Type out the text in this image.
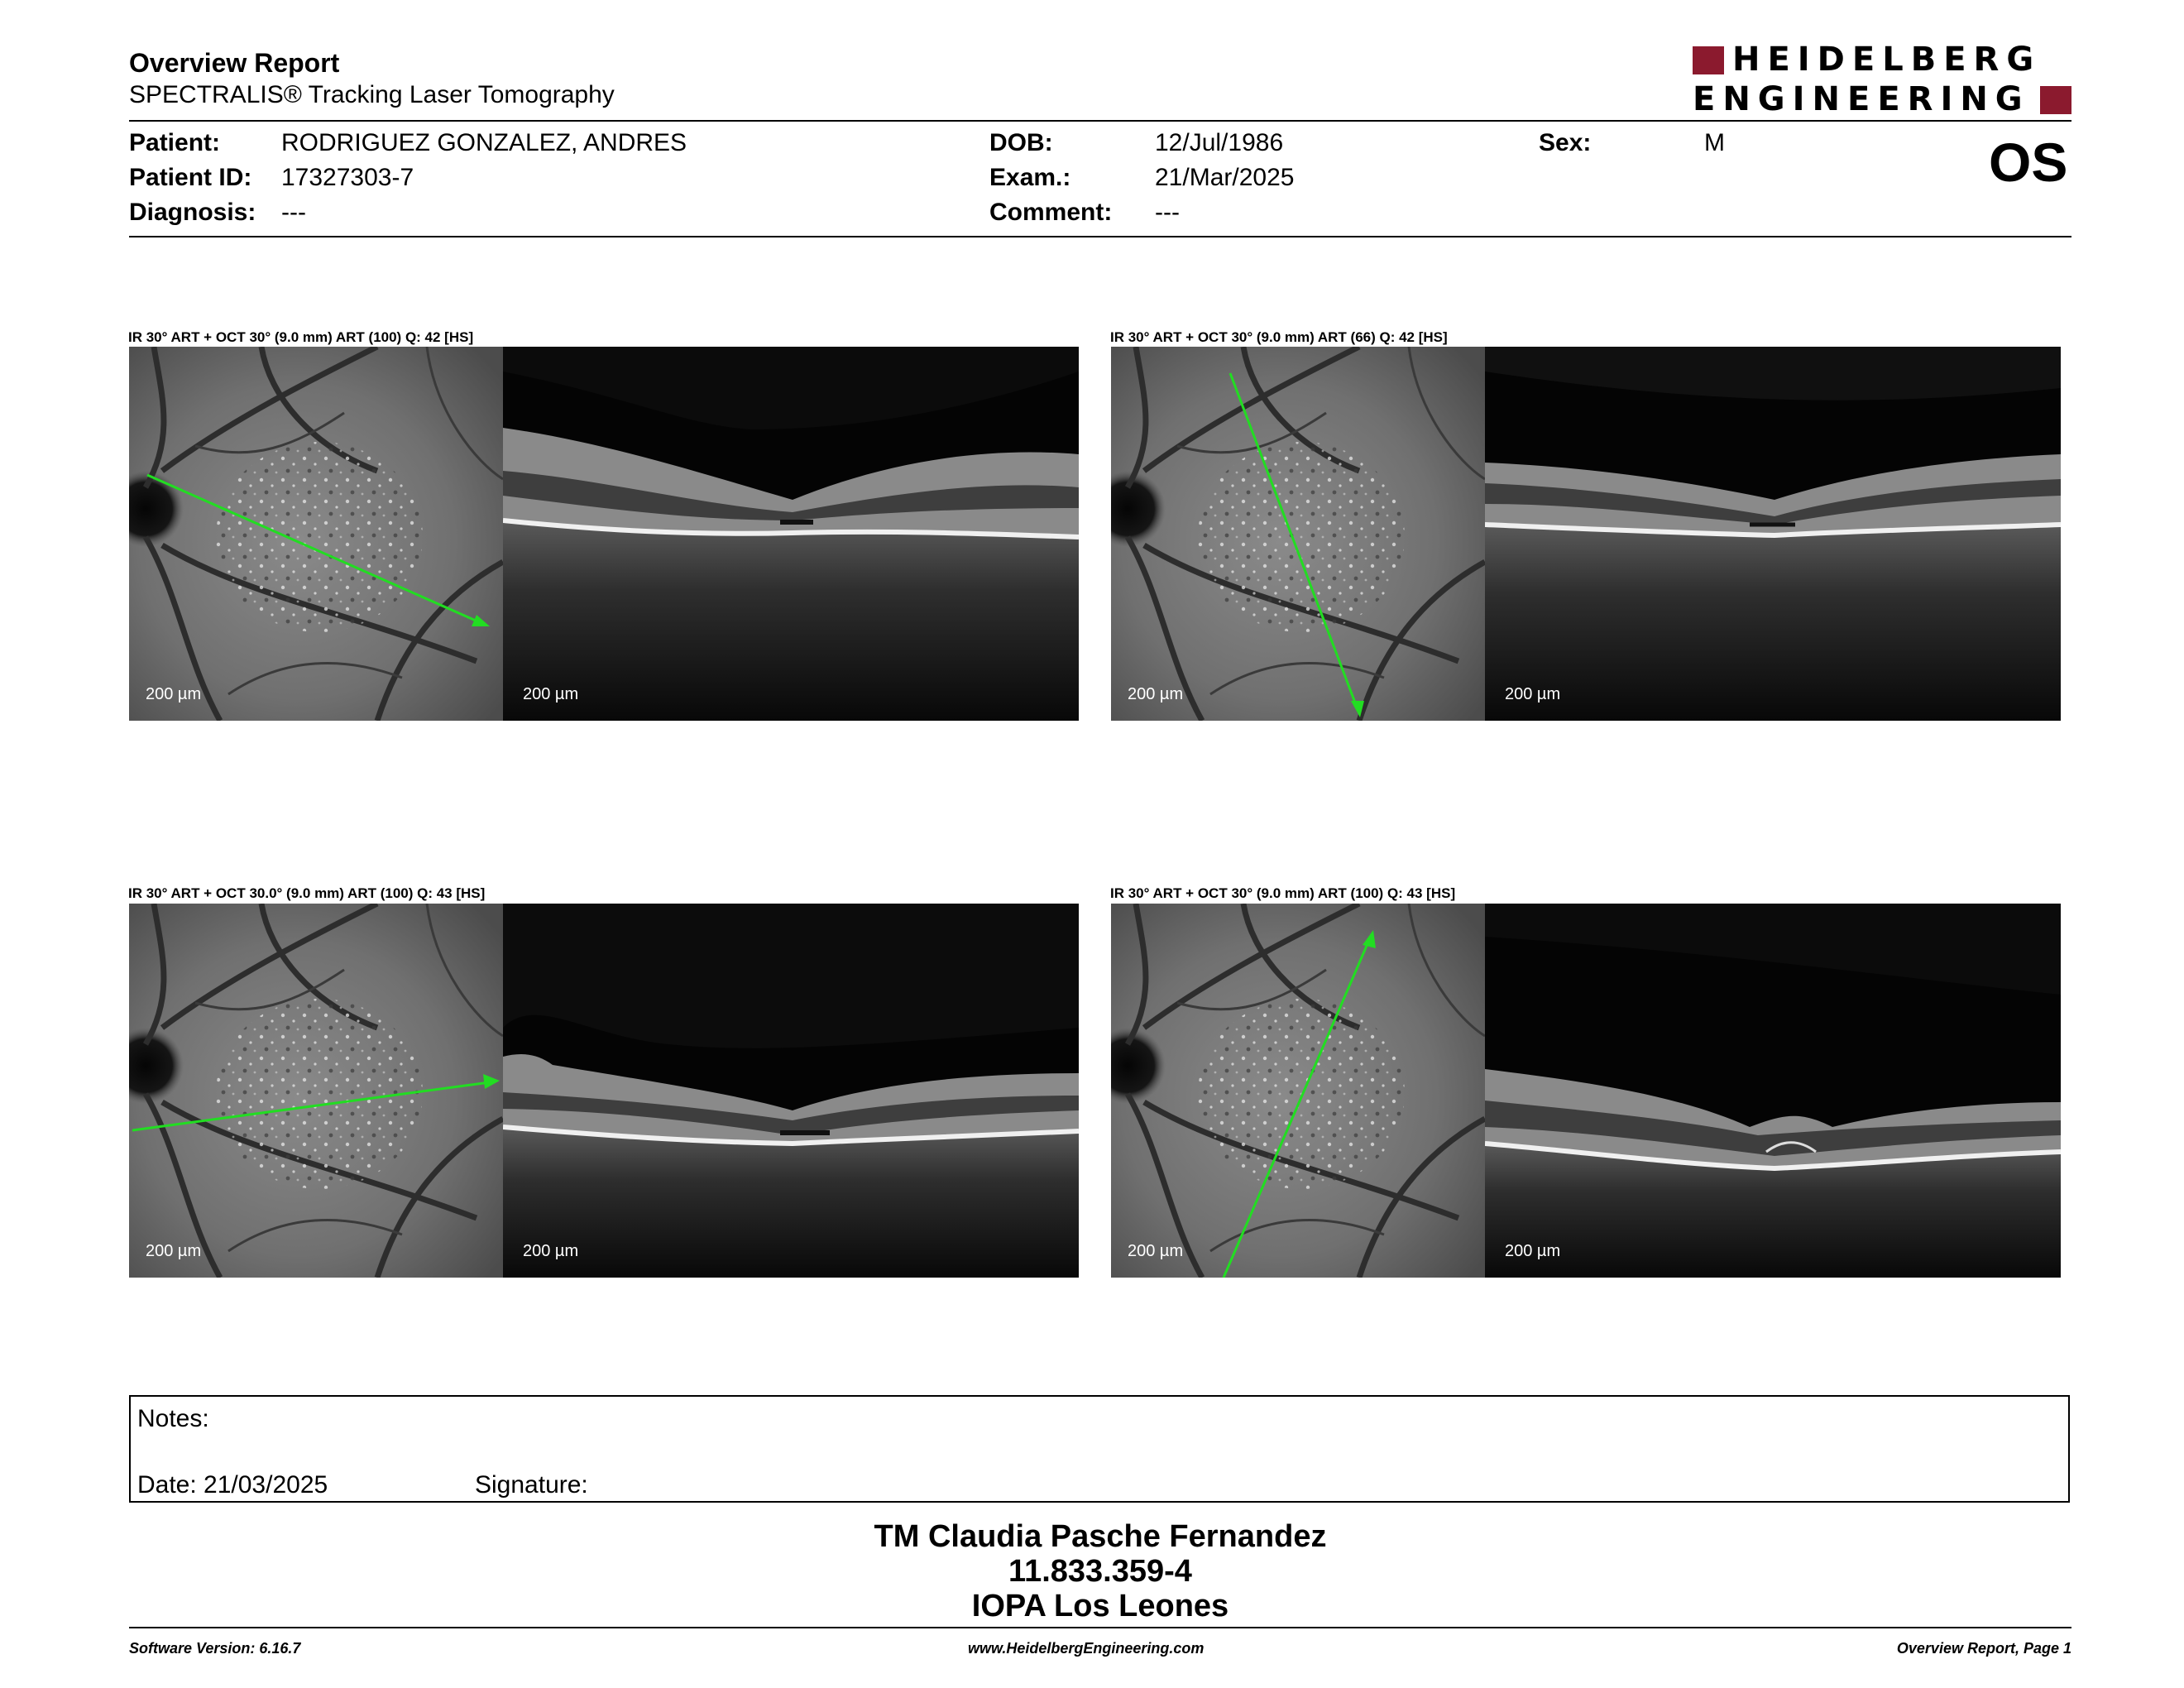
Overview Report
SPECTRALIS® Tracking Laser Tomography
HEIDELBERG
ENGINEERING
Patient: RODRIGUEZ GONZALEZ, ANDRES
Patient ID: 17327303-7
Diagnosis: ---
DOB:	12/Jul/1986
Exam.:	21/Mar/2025
Comment: ---
Sex:	M	OS
IR 30° ART + OCT 30° (9.0 mm) ART (100) Q: 42 [HS]
200 µm	200 µm
IR 30° ART + OCT 30° (9.0 mm) ART (66) Q: 42 [HS]
200 µm	200 µm
IR 30° ART + OCT 30.0° (9.0 mm) ART (100) Q: 43 [HS]
200 µm	200 µm
IR 30° ART + OCT 30° (9.0 mm) ART (100) Q: 43 [HS]
200 µm	200 µm
Notes:
Date: 21/03/2025	Signature:
TM Claudia Pasche Fernandez
11.833.359-4
IOPA Los Leones
Software Version: 6.16.7	www.HeidelbergEngineering.com	Overview Report, Page 1
